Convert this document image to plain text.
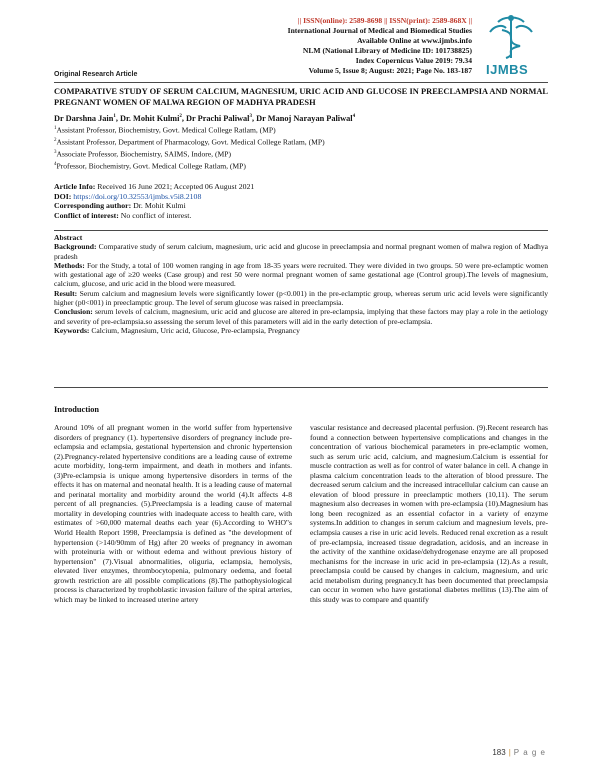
|| ISSN(online): 2589-8698 || ISSN(print): 2589-868X ||
International Journal of Medical and Biomedical Studies
Available Online at www.ijmbs.info
NLM (National Library of Medicine ID: 101738825)
Index Copernicus Value 2019: 79.34
Volume 5, Issue 8; August: 2021; Page No. 183-187
Original Research Article	IJMBS
COMPARATIVE STUDY OF SERUM CALCIUM, MAGNESIUM, URIC ACID AND GLUCOSE IN PREECLAMPSIA AND NORMAL PREGNANT WOMEN OF MALWA REGION OF MADHYA PRADESH
Dr Darshna Jain$^1$, Dr. Mohit Kulmi$^2$, Dr Prachi Paliwal$^3$, Dr Manoj Narayan Paliwal$^4$
$^1$Assistant Professor, Biochemistry, Govt. Medical College Ratlam, (MP)
$^2$Assistant Professor, Department of Pharmacology, Govt. Medical College Ratlam, (MP)
$^3$Associate Professor, Biochemistry, SAIMS, Indore, (MP)
$^4$Professor, Biochemistry, Govt. Medical College Ratlam, (MP)
Article Info: Received 16 June 2021; Accepted 06 August 2021
DOI: https://doi.org/10.32553/ijmbs.v5i8.2108
Corresponding author: Dr. Mohit Kulmi
Conflict of interest: No conflict of interest.

Abstract

Background: Comparative study of serum calcium, magnesium, uric acid and glucose in preeclampsia and normal pregnant women of malwa region of Madhya pradesh

Methods: For the Study, a total of 100 women ranging in age from 18-35 years were recruited. They were divided in two groups. 50 were pre-eclamptic women with gestational age of ≥20 weeks (Case group) and rest 50 were normal pregnant women of same gestational age (Control group).The levels of magnesium, calcium, glucose, and uric acid in the blood were measured.

Result: Serum calcium and magnesium levels were significantly lower (p<0.001) in the pre-eclamptic group, whereas serum uric acid levels were significantly higher (p0<001) in preeclamptic group. The level of serum glucose was raised in preeclampsia.

Conclusion: serum levels of calcium, magnesium, uric acid and glucose are altered in pre-eclampsia, implying that these factors may play a role in the aetiology and severity of pre-eclampsia.so assessing the serum level of this parameters will aid in the early detection of pre-eclampsia.

Keywords: Calcium, Magnesium, Uric acid, Glucose, Pre-eclampsia, Pregnancy

Introduction
Around 10% of all pregnant women in the world suffer from hypertensive disorders of pregnancy (1). hypertensive disorders of pregnancy include pre-eclampsia and eclampsia, gestational hypertension and chronic hypertension (2).Pregnancy-related hypertensive conditions are a leading cause of extreme acute morbidity, long-term impairment, and death in mothers and infants. (3)Pre-eclampsia is unique among hypertensive disorders in terms of the effects it has on maternal and neonatal health. It is a leading cause of maternal and perinatal mortality and morbidity around the world (4).It affects 4-8 percent of all pregnancies. (5).Preeclampsia is a leading cause of maternal mortality in developing countries with inadequate access to health care, with estimates of >60,000 maternal deaths each year (6).According to WHO"s World Health Report 1998, Preeclampsia is defined as "the development of hypertension (>140/90mm of Hg) after 20 weeks of pregnancy in awoman with proteinuria with or without edema and without previous history of hypertension" (7).Visual abnormalities, oliguria, eclampsia, hemolysis, elevated liver enzymes, thrombocytopenia, pulmonary oedema, and foetal growth restriction are all possible complications (8).The pathophysiological process is characterized by trophoblastic invasion failure of the spiral arteries, which may be linked to increased uterine artery
vascular resistance and decreased placental perfusion. (9).Recent research has found a connection between hypertensive complications and changes in the concentration of various biochemical parameters in pre-eclamptic women, such as serum uric acid, calcium, and magnesium.Calcium is essential for muscle contraction as well as for control of water balance in cell. A change in plasma calcium concentration leads to the alteration of blood pressure. The decreased serum calcium and the increased intracellular calcium can cause an elevation of blood pressure in preeclamptic mothers (10,11). The serum magnesium also decreases in women with pre-eclampsia (10).Magnesium has long been recognized as an essential cofactor in a variety of enzyme systems.In addition to changes in serum calcium and magnesium levels, pre-eclampsia causes a rise in uric acid levels. Reduced renal excretion as a result of pre-eclampsia, increased tissue degradation, acidosis, and an increase in the activity of the xanthine oxidase/dehydrogenase enzyme are all proposed mechanisms for the increase in uric acid in pre-eclampsia (12).As a result, preeclampsia could be caused by changes in calcium, magnesium, and uric acid metabolism during pregnancy.It has been documented that preeclampsia can occur in women who have gestational diabetes mellitus (13).The aim of this study was to compare and quantify
183 | P a g e
